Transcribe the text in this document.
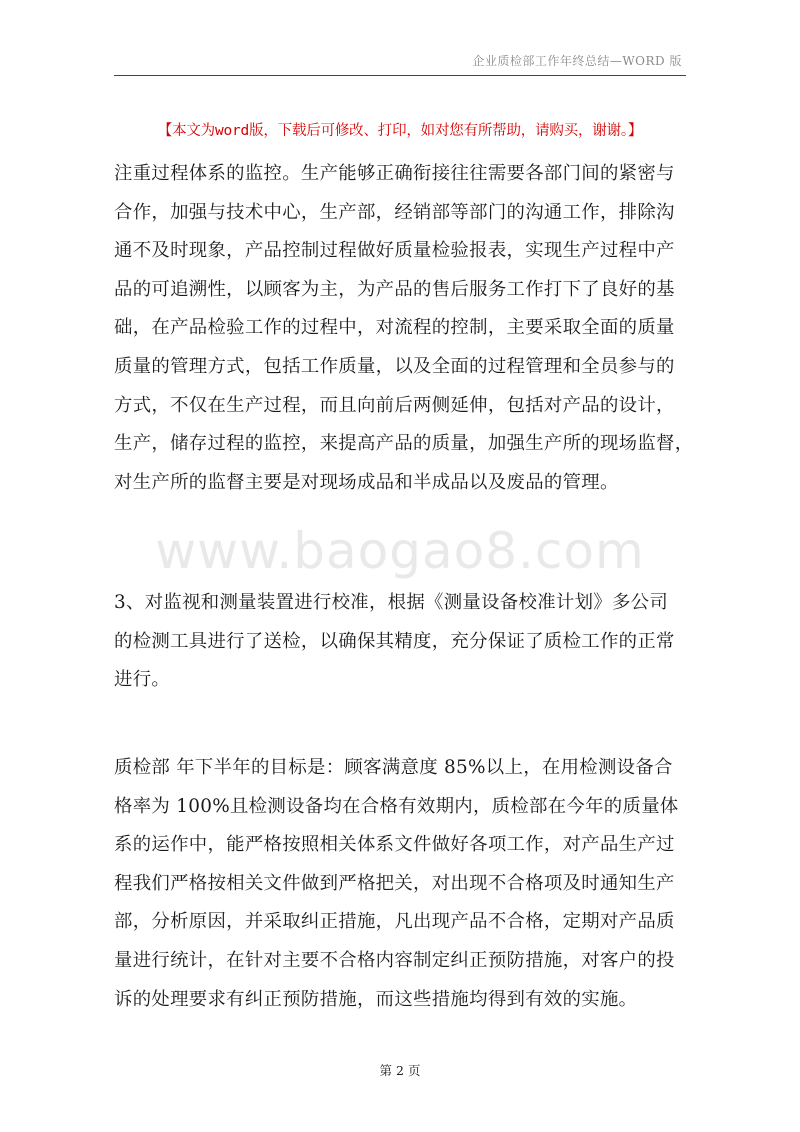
企业质检部工作年终总结—WORD 版
【本文为word版，下载后可修改、打印，如对您有所帮助，请购买，谢谢。】
注重过程体系的监控。生产能够正确衔接往往需要各部门间的紧密与
合作，加强与技术中心，生产部，经销部等部门的沟通工作，排除沟
通不及时现象，产品控制过程做好质量检验报表，实现生产过程中产
品的可追溯性，以顾客为主，为产品的售后服务工作打下了良好的基
础，在产品检验工作的过程中，对流程的控制，主要采取全面的质量
质量的管理方式，包括工作质量，以及全面的过程管理和全员参与的
方式，不仅在生产过程，而且向前后两侧延伸，包括对产品的设计，
生产，储存过程的监控，来提高产品的质量，加强生产所的现场监督，
对生产所的监督主要是对现场成品和半成品以及废品的管理。
www.baogao8.com
3、对监视和测量装置进行校准，根据《测量设备校准计划》多公司
的检测工具进行了送检，以确保其精度，充分保证了质检工作的正常
进行。
质检部 年下半年的目标是：顾客满意度 85%以上，在用检测设备合
格率为 100%且检测设备均在合格有效期内，质检部在今年的质量体
系的运作中，能严格按照相关体系文件做好各项工作，对产品生产过
程我们严格按相关文件做到严格把关，对出现不合格项及时通知生产
部，分析原因，并采取纠正措施，凡出现产品不合格，定期对产品质
量进行统计，在针对主要不合格内容制定纠正预防措施，对客户的投
诉的处理要求有纠正预防措施，而这些措施均得到有效的实施。
第 2 页
